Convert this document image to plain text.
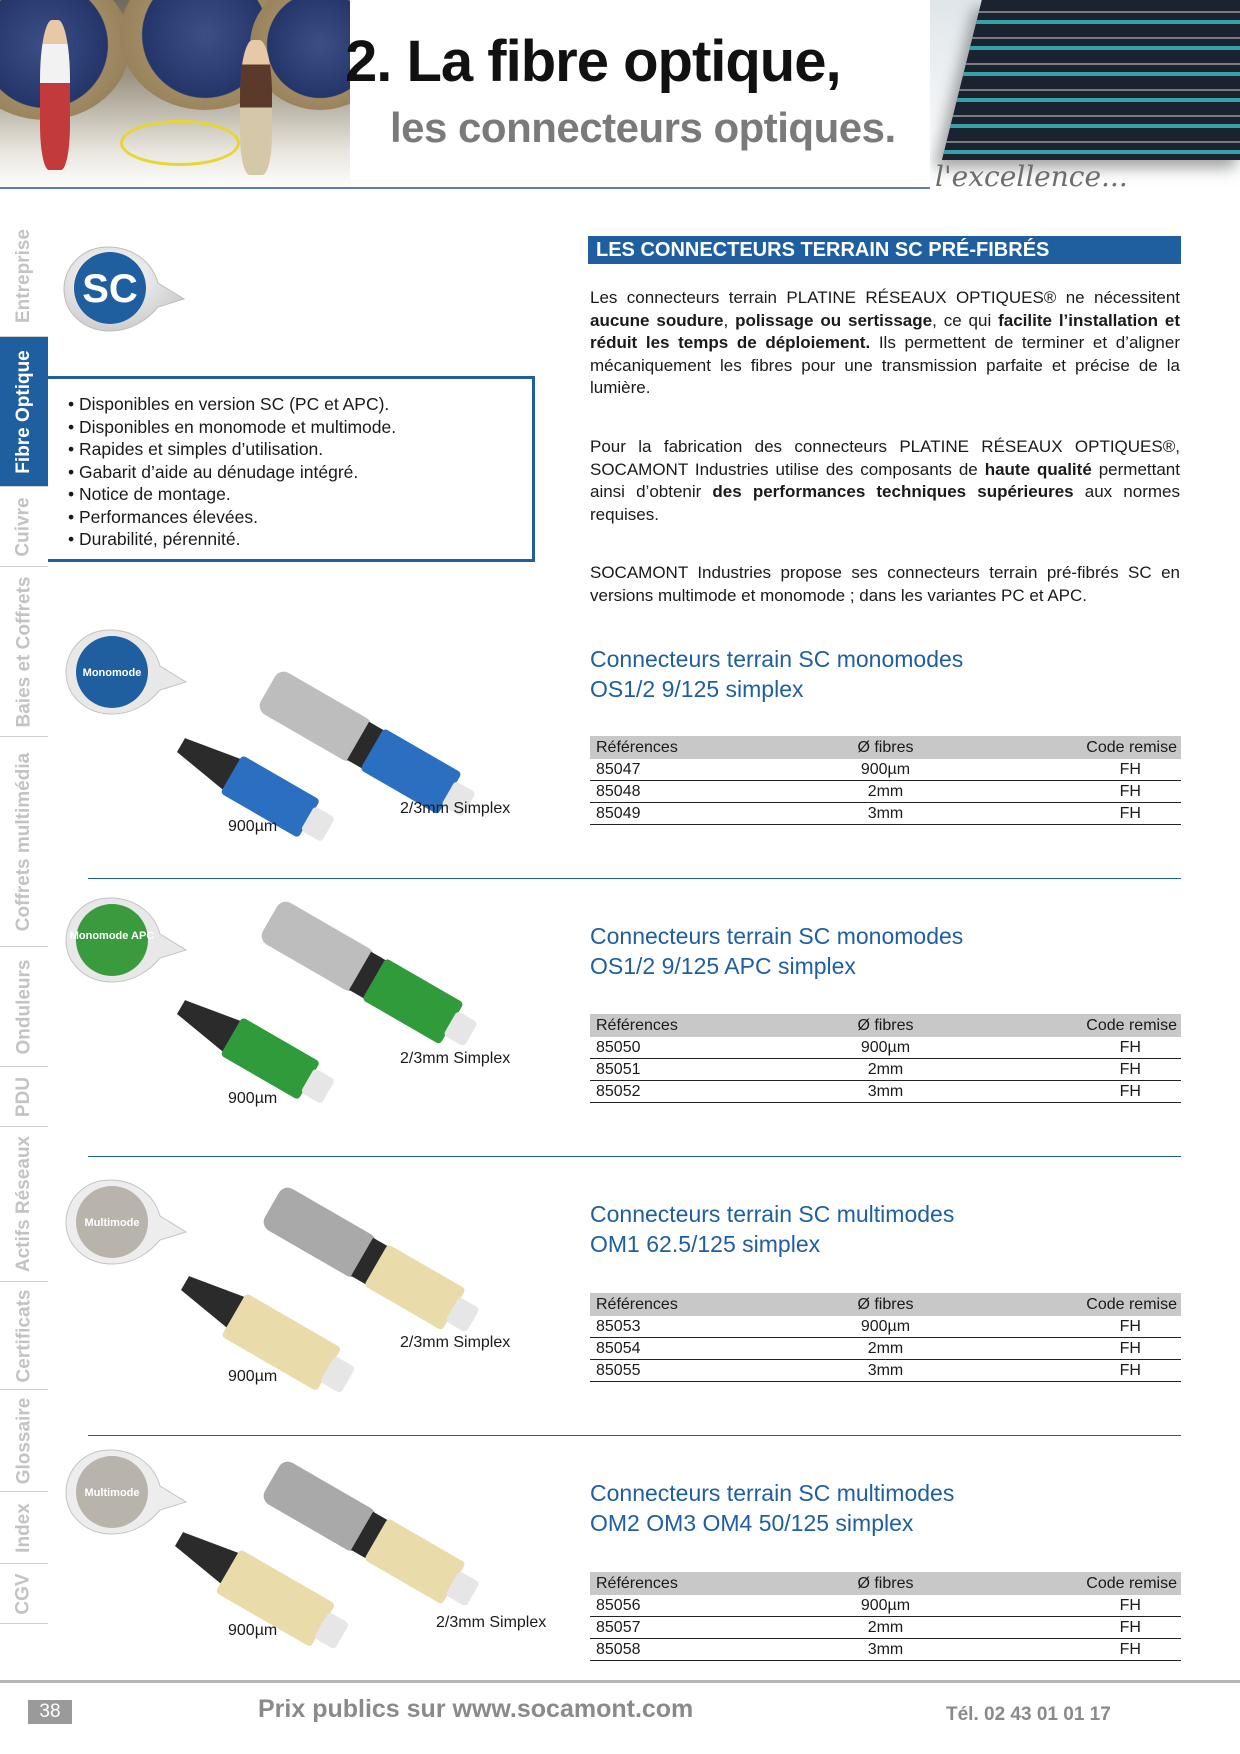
2. La fibre optique,
les connecteurs optiques.
l'excellence...
Entreprise
Fibre Optique
Cuivre
Baies et Coffrets
Coffrets multimédia
Onduleurs
PDU
Actifs Réseaux
Certificats
Glossaire
Index
CGV
SC
• Disponibles en version SC (PC et APC).
• Disponibles en monomode et multimode.
• Rapides et simples d’utilisation.
• Gabarit d’aide au dénudage intégré.
• Notice de montage.
• Performances élevées.
• Durabilité, pérennité.
LES CONNECTEURS TERRAIN SC PRÉ-FIBRÉS
Les connecteurs terrain PLATINE RÉSEAUX OPTIQUES® ne nécessitent aucune soudure, polissage ou sertissage, ce qui facilite l’installation et réduit les temps de déploiement. Ils permettent de terminer et d’aligner mécaniquement les fibres pour une transmission parfaite et précise de la lumière.
Pour la fabrication des connecteurs PLATINE RÉSEAUX OPTIQUES®, SOCAMONT Industries utilise des composants de haute qualité permettant ainsi d’obtenir des performances techniques supérieures aux normes requises.
SOCAMONT Industries propose ses connecteurs terrain pré-fibrés SC en versions multimode et monomode ; dans les variantes PC et APC.
Monomode
900µm
2/3mm Simplex
Connecteurs terrain SC monomodes
OS1/2 9/125 simplex
Références	Ø fibres	Code remise
85047	900µm	FH
85048	2mm	FH
85049	3mm	FH
Monomode APC
900µm
2/3mm Simplex
Connecteurs terrain SC monomodes
OS1/2 9/125 APC simplex
Références	Ø fibres	Code remise
85050	900µm	FH
85051	2mm	FH
85052	3mm	FH
Multimode
900µm
2/3mm Simplex
Connecteurs terrain SC multimodes
OM1 62.5/125 simplex
Références	Ø fibres	Code remise
85053	900µm	FH
85054	2mm	FH
85055	3mm	FH
Multimode
900µm	2/3mm Simplex
Connecteurs terrain SC multimodes
OM2 OM3 OM4 50/125 simplex
Références	Ø fibres	Code remise
85056	900µm	FH
85057	2mm	FH
85058	3mm	FH
38	Prix publics sur www.socamont.com	Tél. 02 43 01 01 17
